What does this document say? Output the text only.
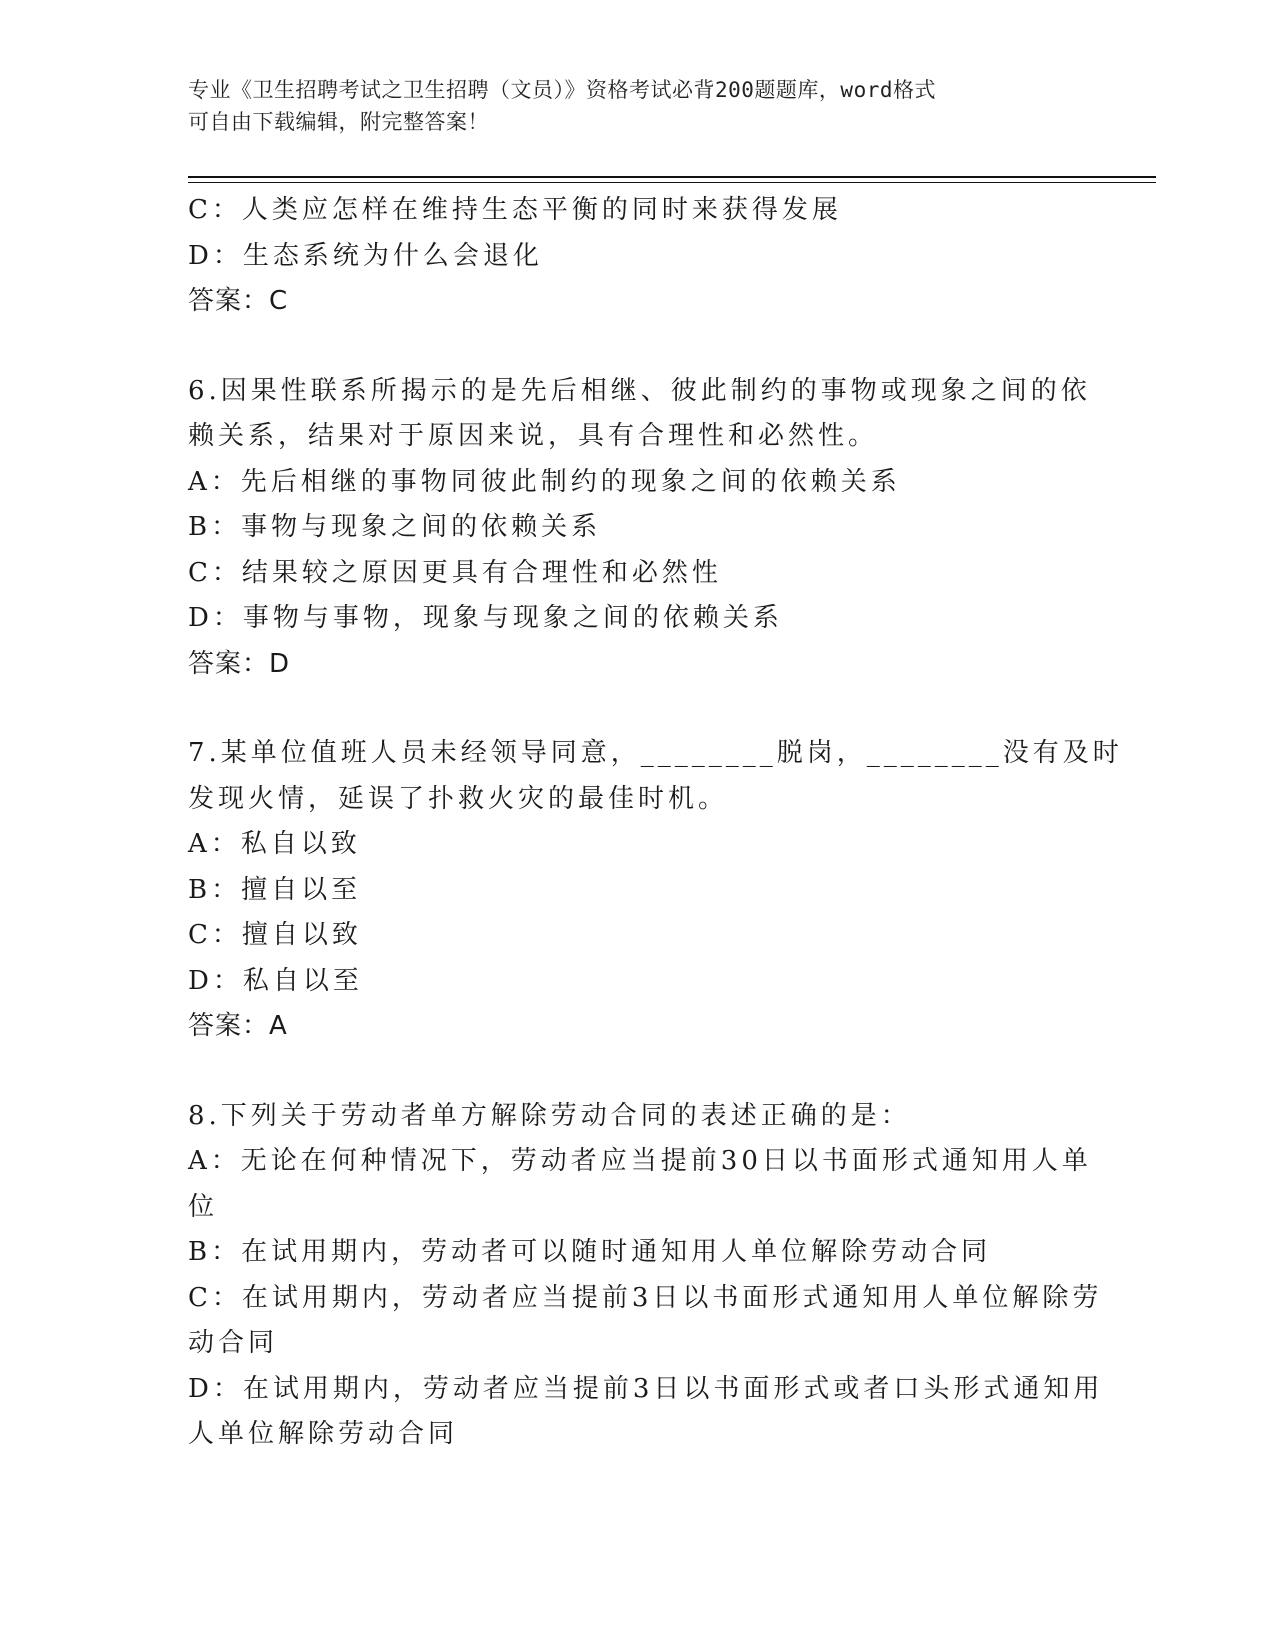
专业《卫生招聘考试之卫生招聘（文员）》资格考试必背200题题库，word格式
可自由下载编辑，附完整答案！
C：人类应怎样在维持生态平衡的同时来获得发展
D：生态系统为什么会退化
答案：C
6.因果性联系所揭示的是先后相继、彼此制约的事物或现象之间的依
赖关系，结果对于原因来说，具有合理性和必然性。
A：先后相继的事物同彼此制约的现象之间的依赖关系
B：事物与现象之间的依赖关系
C：结果较之原因更具有合理性和必然性
D：事物与事物，现象与现象之间的依赖关系
答案：D
7.某单位值班人员未经领导同意，________脱岗，________没有及时
发现火情，延误了扑救火灾的最佳时机。
A：私自以致
B：擅自以至
C：擅自以致
D：私自以至
答案：A
8.下列关于劳动者单方解除劳动合同的表述正确的是：
A：无论在何种情况下，劳动者应当提前30日以书面形式通知用人单
位
B：在试用期内，劳动者可以随时通知用人单位解除劳动合同
C：在试用期内，劳动者应当提前3日以书面形式通知用人单位解除劳
动合同
D：在试用期内，劳动者应当提前3日以书面形式或者口头形式通知用
人单位解除劳动合同
